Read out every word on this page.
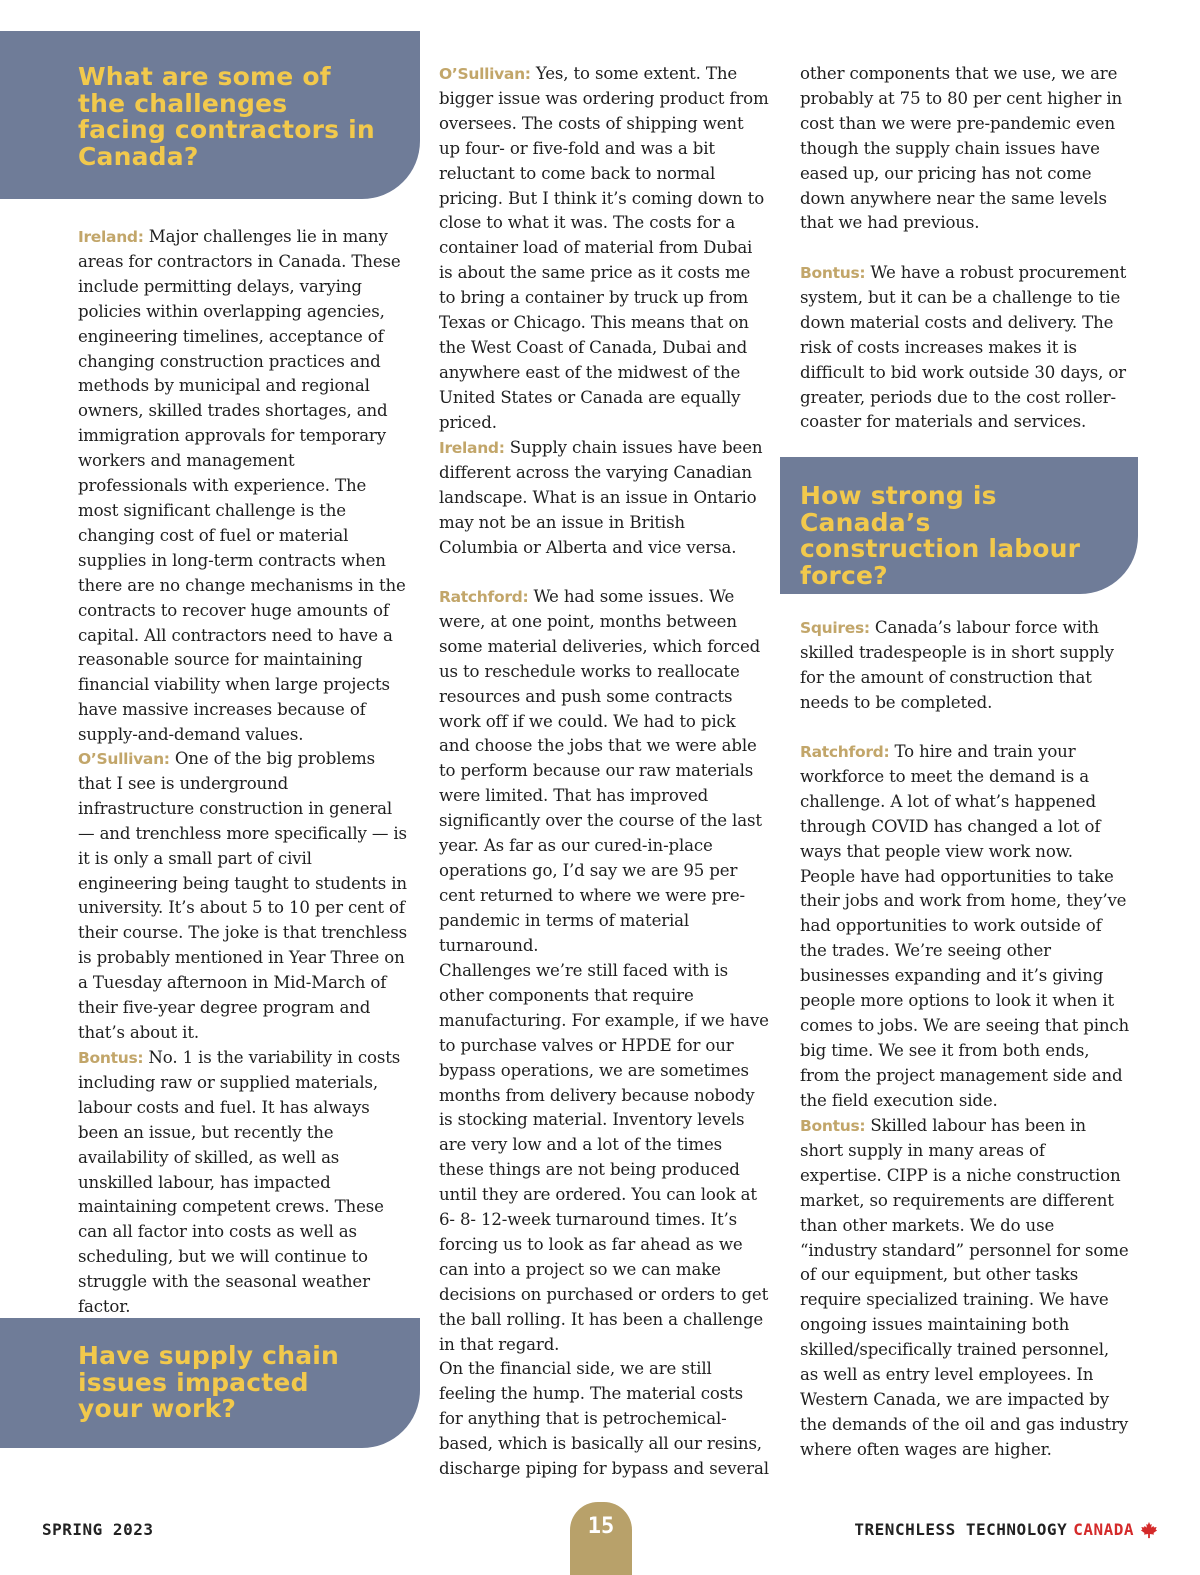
What are some of the challenges facing contractors in Canada?

Ireland: Major challenges lie in many areas for contractors in Canada. These include permitting delays, varying policies within overlapping agencies, engineering timelines, acceptance of changing construction practices and methods by municipal and regional owners, skilled trades shortages, and immigration approvals for temporary workers and management professionals with experience. The most significant challenge is the changing cost of fuel or material supplies in long-term contracts when there are no change mechanisms in the contracts to recover huge amounts of capital. All contractors need to have a reasonable source for maintaining financial viability when large projects have massive increases because of supply-and-demand values.

O’Sullivan: One of the big problems that I see is underground infrastructure construction in general — and trenchless more specifically — is it is only a small part of civil engineering being taught to students in university. It’s about 5 to 10 per cent of their course. The joke is that trenchless is probably mentioned in Year Three on a Tuesday afternoon in Mid-March of their five-year degree program and that’s about it.

Bontus: No. 1 is the variability in costs including raw or supplied materials, labour costs and fuel. It has always been an issue, but recently the availability of skilled, as well as unskilled labour, has impacted maintaining competent crews. These can all factor into costs as well as scheduling, but we will continue to struggle with the seasonal weather factor.

Have supply chain issues impacted your work?

O’Sullivan: Yes, to some extent. The bigger issue was ordering product from oversees. The costs of shipping went up four- or five-fold and was a bit reluctant to come back to normal pricing. But I think it’s coming down to close to what it was. The costs for a container load of material from Dubai is about the same price as it costs me to bring a container by truck up from Texas or Chicago. This means that on the West Coast of Canada, Dubai and anywhere east of the midwest of the United States or Canada are equally priced.

Ireland: Supply chain issues have been different across the varying Canadian landscape. What is an issue in Ontario may not be an issue in British Columbia or Alberta and vice versa.

Ratchford: We had some issues. We were, at one point, months between some material deliveries, which forced us to reschedule works to reallocate resources and push some contracts work off if we could. We had to pick and choose the jobs that we were able to perform because our raw materials were limited. That has improved significantly over the course of the last year. As far as our cured-in-place operations go, I’d say we are 95 per cent returned to where we were pre-pandemic in terms of material turnaround.

Challenges we’re still faced with is other components that require manufacturing. For example, if we have to purchase valves or HPDE for our bypass operations, we are sometimes months from delivery because nobody is stocking material. Inventory levels are very low and a lot of the times these things are not being produced until they are ordered. You can look at 6- 8- 12-week turnaround times. It’s forcing us to look as far ahead as we can into a project so we can make decisions on purchased or orders to get the ball rolling. It has been a challenge in that regard.

On the financial side, we are still feeling the hump. The material costs for anything that is petrochemical-based, which is basically all our resins, discharge piping for bypass and several

other components that we use, we are probably at 75 to 80 per cent higher in cost than we were pre-pandemic even though the supply chain issues have eased up, our pricing has not come down anywhere near the same levels that we had previous.

Bontus: We have a robust procurement system, but it can be a challenge to tie down material costs and delivery. The risk of costs increases makes it is difficult to bid work outside 30 days, or greater, periods due to the cost roller-coaster for materials and services.

How strong is Canada’s construction labour force?

Squires: Canada’s labour force with skilled tradespeople is in short supply for the amount of construction that needs to be completed.

Ratchford: To hire and train your workforce to meet the demand is a challenge. A lot of what’s happened through COVID has changed a lot of ways that people view work now. People have had opportunities to take their jobs and work from home, they’ve had opportunities to work outside of the trades. We’re seeing other businesses expanding and it’s giving people more options to look it when it comes to jobs. We are seeing that pinch big time. We see it from both ends, from the project management side and the field execution side.

Bontus: Skilled labour has been in short supply in many areas of expertise. CIPP is a niche construction market, so requirements are different than other markets. We do use “industry standard” personnel for some of our equipment, but other tasks require specialized training. We have ongoing issues maintaining both skilled/specifically trained personnel, as well as entry level employees. In Western Canada, we are impacted by the demands of the oil and gas industry where often wages are higher.

SPRING 2023	15	TRENCHLESS TECHNOLOGY CANADA
